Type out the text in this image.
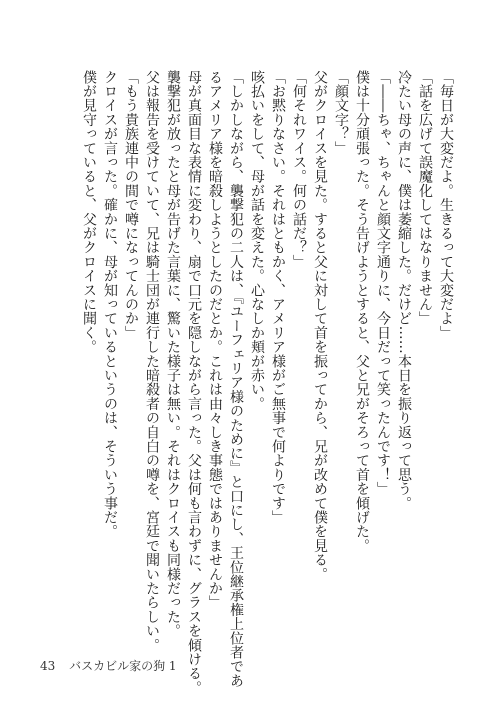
「毎日が大変だよ。生きるって大変だよ」
「話を広げて誤魔化してはなりません」
冷たい母の声に、僕は萎縮した。だけど……本日を振り返って思う。
「――ちゃ、ちゃんと顔文字通りに、今日だって笑ったんです！」
僕は十分頑張った。そう告げようとすると、父と兄がそろって首を傾げた。
「顔文字？」
父がクロイスを見た。すると父に対して首を振ってから、兄が改めて僕を見る。
「何それワイス。何の話だ？」
「お黙りなさい。それはともかく、アメリア様がご無事で何よりです」
咳払いをして、母が話を変えた。心なしか頬が赤い。
「しかしながら、襲撃犯の二人は、『ユーフェリア様のために』と口にし、王位継承権上位者であ
るアメリア様を暗殺しようとしたのだとか。これは由々しき事態ではありませんか」
母が真面目な表情に変わり、扇で口元を隠しながら言った。父は何も言わずに、グラスを傾ける。
襲撃犯が放ったと母が告げた言葉に、驚いた様子は無い。それはクロイスも同様だった。
父は報告を受けていて、兄は騎士団が連行した暗殺者の自白の噂を、宮廷で聞いたらしい。
「もう貴族連中の間で噂になってんのか」
クロイスが言った。確かに、母が知っているというのは、そういう事だ。
僕が見守っていると、父がクロイスに聞く。
43 バスカビル家の狗 1
